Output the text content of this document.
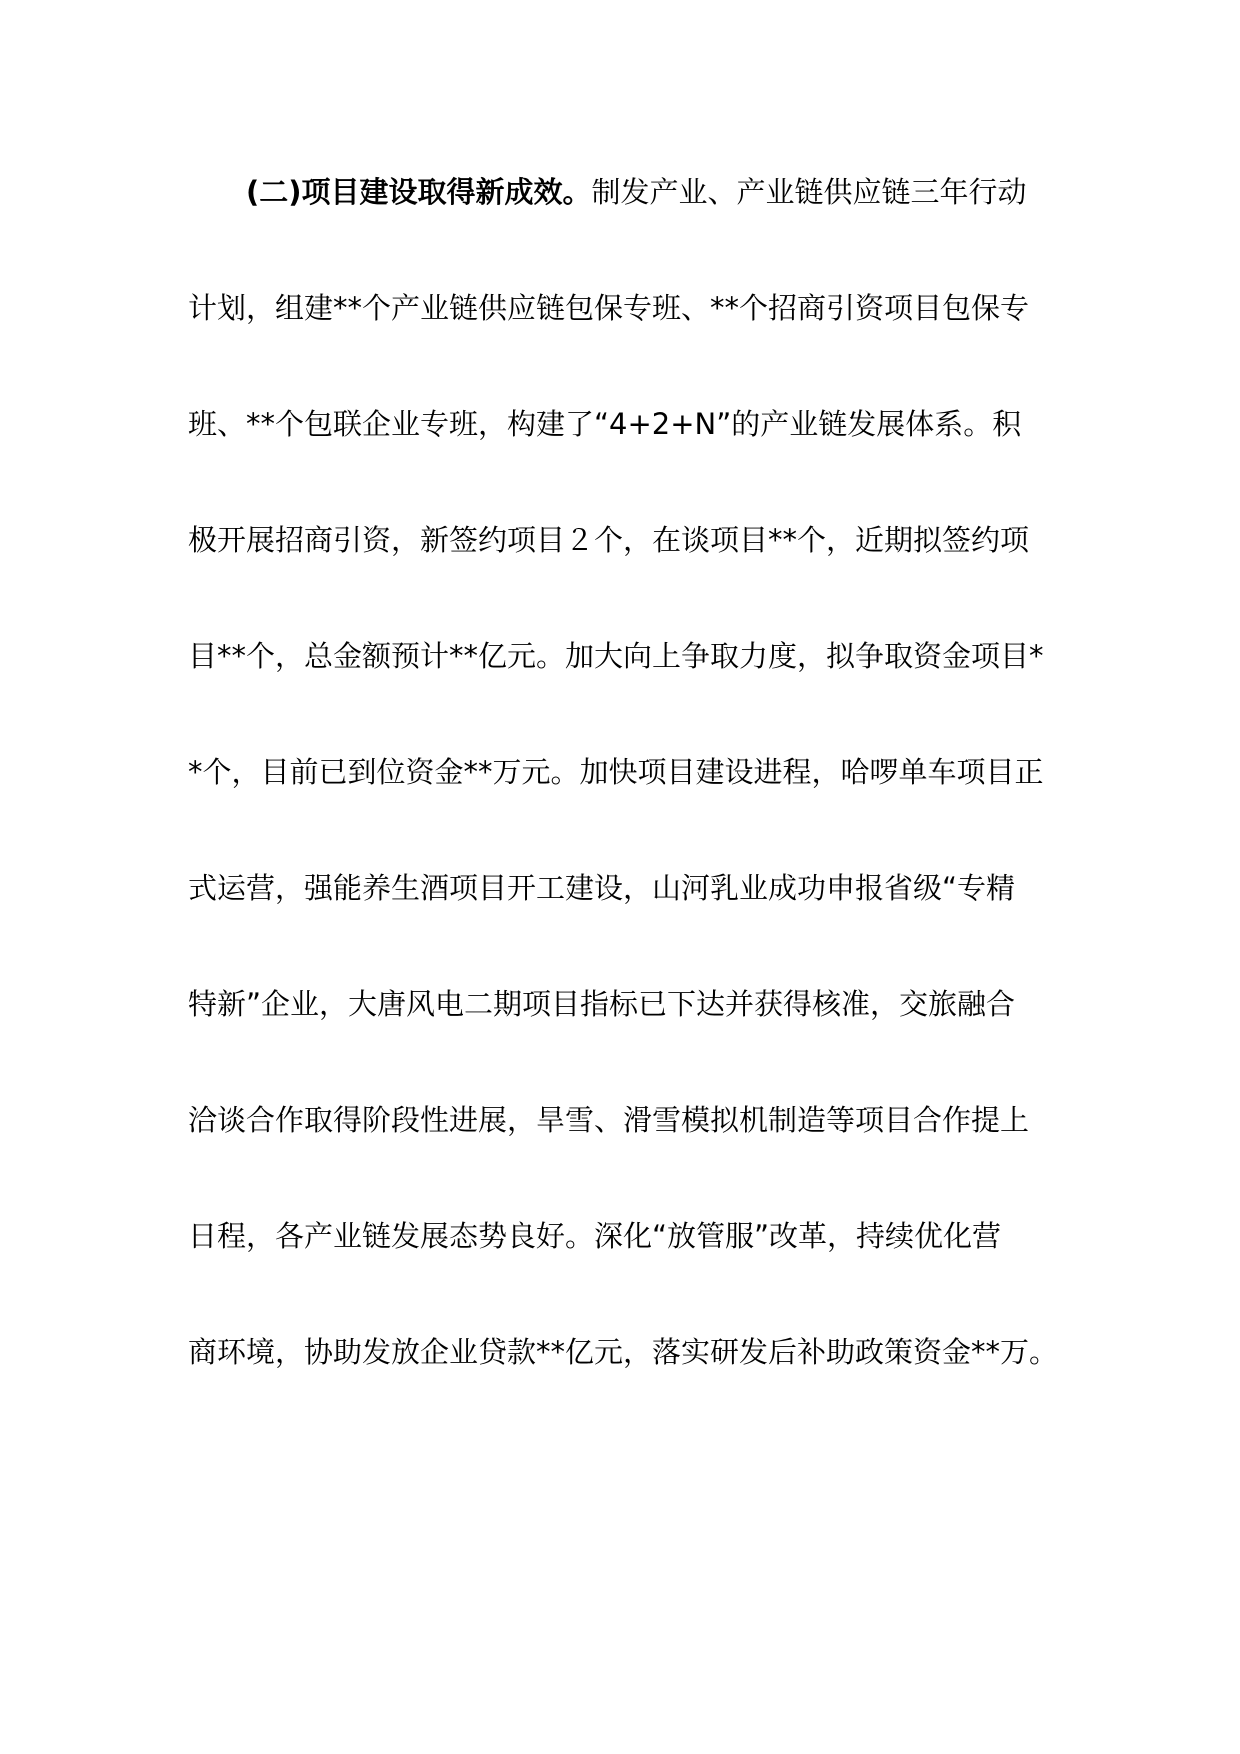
(二)项目建设取得新成效。制发产业、产业链供应链三年行动
计划，组建**个产业链供应链包保专班、**个招商引资项目包保专
班、**个包联企业专班，构建了“4+2+N”的产业链发展体系。积
极开展招商引资，新签约项目２个，在谈项目**个，近期拟签约项
目**个，总金额预计**亿元。加大向上争取力度，拟争取资金项目*
*个，目前已到位资金**万元。加快项目建设进程，哈啰单车项目正
式运营，强能养生酒项目开工建设，山河乳业成功申报省级“专精
特新”企业，大唐风电二期项目指标已下达并获得核准，交旅融合
洽谈合作取得阶段性进展，旱雪、滑雪模拟机制造等项目合作提上
日程，各产业链发展态势良好。深化“放管服”改革，持续优化营
商环境，协助发放企业贷款**亿元，落实研发后补助政策资金**万。
